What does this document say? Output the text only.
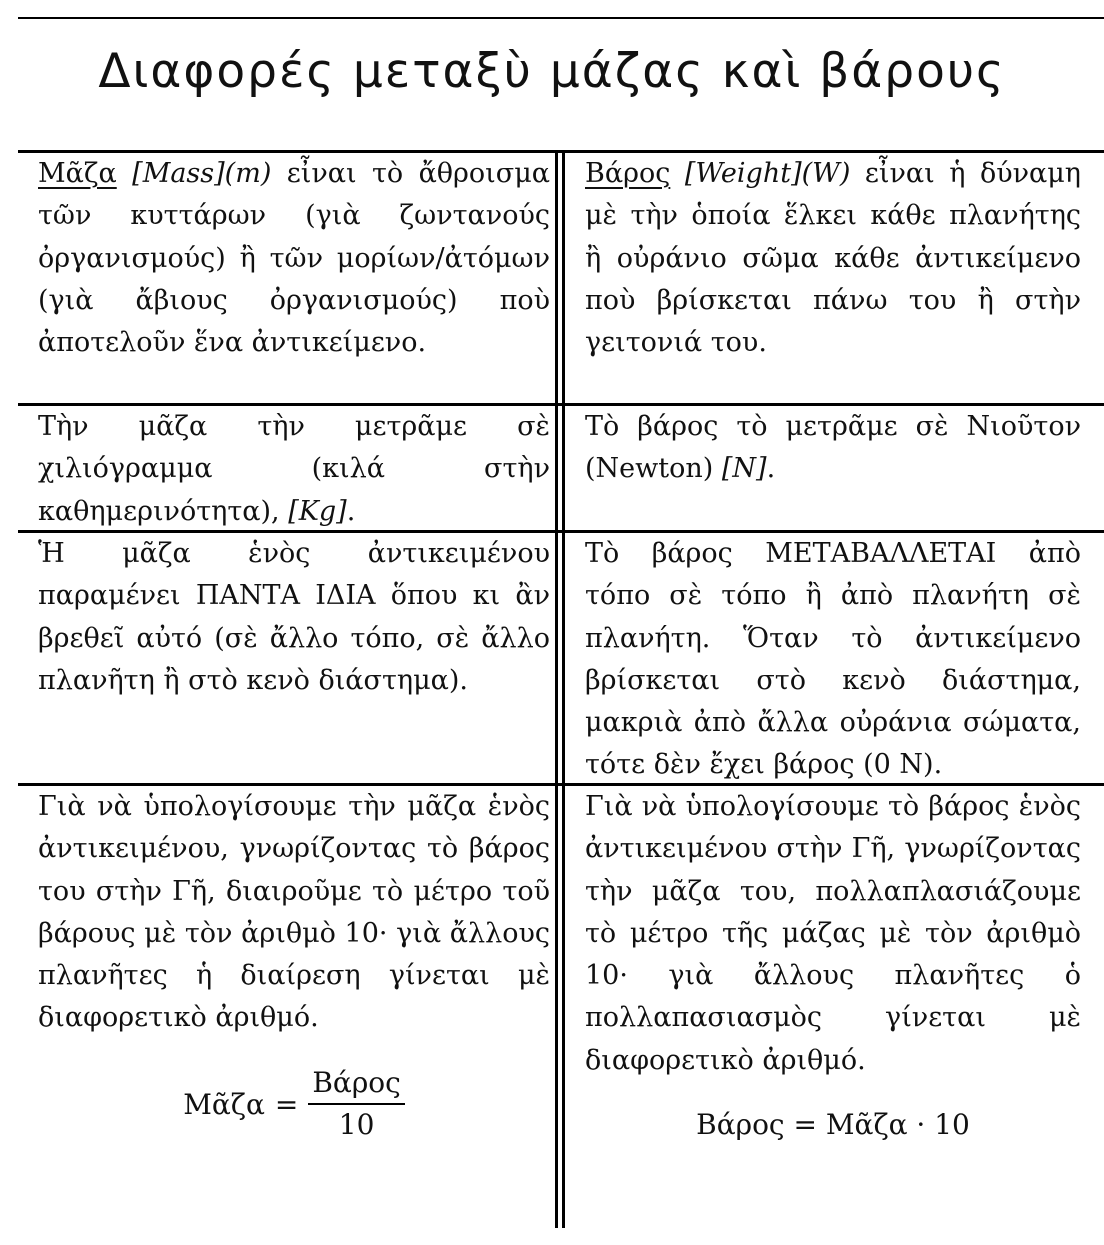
Διαφορές μεταξὺ μάζας καὶ βάρους
Μᾶζα [Mass](m) εἶναι τὸ ἄθροισμα τῶν κυττάρων (γιὰ ζωντανούς ὀργανισμούς) ἢ τῶν μορίων/ἀτόμων (γιὰ ἄβιους ὀργανισμούς) ποὺ ἀποτελοῦν ἕνα ἀντικείμενο.
Βάρος [Weight](W) εἶναι ἡ δύναμη μὲ τὴν ὁποία ἕλκει κάθε πλανήτης ἢ οὐράνιο σῶμα κάθε ἀντικείμενο ποὺ βρίσκεται πάνω του ἢ στὴν γειτονιά του.
Τὴν μᾶζα τὴν μετρᾶμε σὲ χιλιόγραμμα (κιλά στὴν καθημερινότητα), [Kg].
Τὸ βάρος τὸ μετρᾶμε σὲ Νιοῦτον (Newton) [N].
Ἡ μᾶζα ἑνὸς ἀντικειμένου παραμένει ΠΑΝΤΑ ΙΔΙΑ ὅπου κι ἂν βρεθεῖ αὐτό (σὲ ἄλλο τόπο, σὲ ἄλλο πλανῆτη ἢ στὸ κενὸ διάστημα).
Τὸ βάρος ΜΕΤΑΒΑΛΛΕΤΑΙ ἀπὸ τόπο σὲ τόπο ἢ ἀπὸ πλανήτη σὲ πλανήτη. Ὅταν τὸ ἀντικείμενο βρίσκεται στὸ κενὸ διάστημα, μακριὰ ἀπὸ ἄλλα οὐράνια σώματα, τότε δὲν ἔχει βάρος (0 N).
Γιὰ νὰ ὑπολογίσουμε τὴν μᾶζα ἑνὸς ἀντικειμένου, γνωρίζοντας τὸ βάρος του στὴν Γῆ, διαιροῦμε τὸ μέτρο τοῦ βάρους μὲ τὸν ἀριθμὸ 10· γιὰ ἄλλους πλανῆτες ἡ διαίρεση γίνεται μὲ διαφορετικὸ ἀριθμό.
Γιὰ νὰ ὑπολογίσουμε τὸ βάρος ἑνὸς ἀντικειμένου στὴν Γῆ, γνωρίζοντας τὴν μᾶζα του, πολλαπλασιάζουμε τὸ μέτρο τῆς μάζας μὲ τὸν ἀριθμὸ 10· γιὰ ἄλλους πλανῆτες ὁ πολλαπασιασμὸς γίνεται μὲ διαφορετικὸ ἀριθμό.
Μᾶζα = $\frac{\text{Βάρος}}{10}$	Βάρος = Μᾶζα · 10
